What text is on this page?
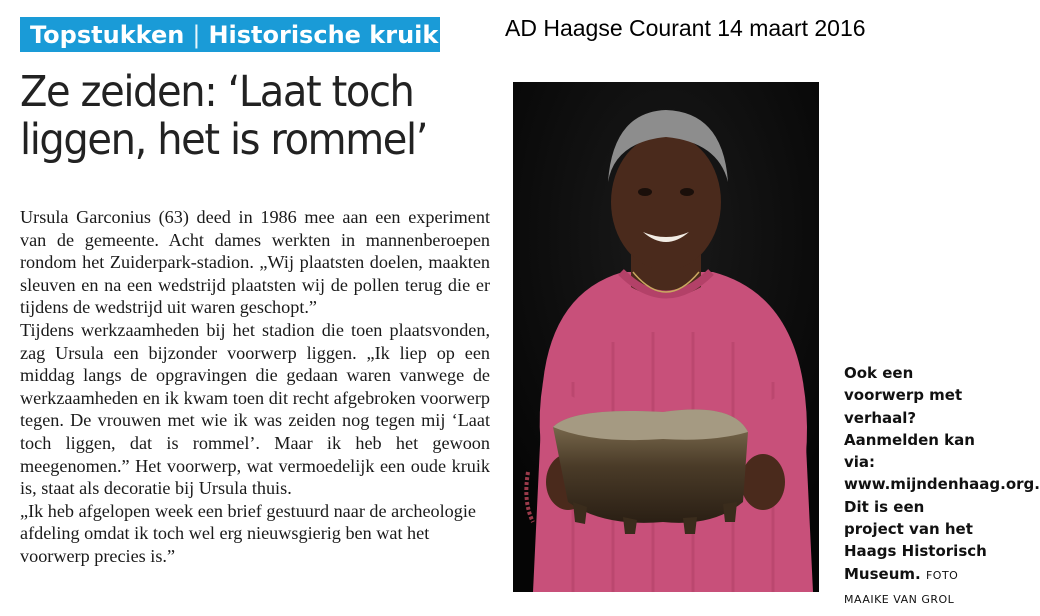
Topstukken | Historische kruik	AD Haagse Courant 14 maart 2016
Ze zeiden: ‘Laat toch
liggen, het is rommel’

Ursula Garconius (63) deed in 1986 mee aan een experiment van de gemeente. Acht dames werkten in mannenberoepen rondom het Zuiderpark-stadion. „Wij plaatsten doelen, maakten sleuven en na een wedstrijd plaatsten wij de pollen terug die er tijdens de wedstrijd uit waren geschopt.”

Tijdens werkzaamheden bij het stadion die toen plaatsvonden, zag Ursula een bijzonder voorwerp liggen. „Ik liep op een middag langs de opgravingen die gedaan waren vanwege de werkzaamheden en ik kwam toen dit recht afgebroken voorwerp tegen. De vrouwen met wie ik was zeiden nog tegen mij ‘Laat toch liggen, dat is rommel’. Maar ik heb het gewoon meegenomen.” Het voorwerp, wat vermoedelijk een oude kruik is, staat als decoratie bij Ursula thuis.

„Ik heb afgelopen week een brief gestuurd naar de archeologie afdeling omdat ik toch wel erg nieuwsgierig ben wat het voorwerp precies is.”

Ook een voorwerp met verhaal? Aanmelden kan via: www.mijndenhaag.org. Dit is een project van het Haags Historisch Museum. FOTO MAAIKE VAN GROL
